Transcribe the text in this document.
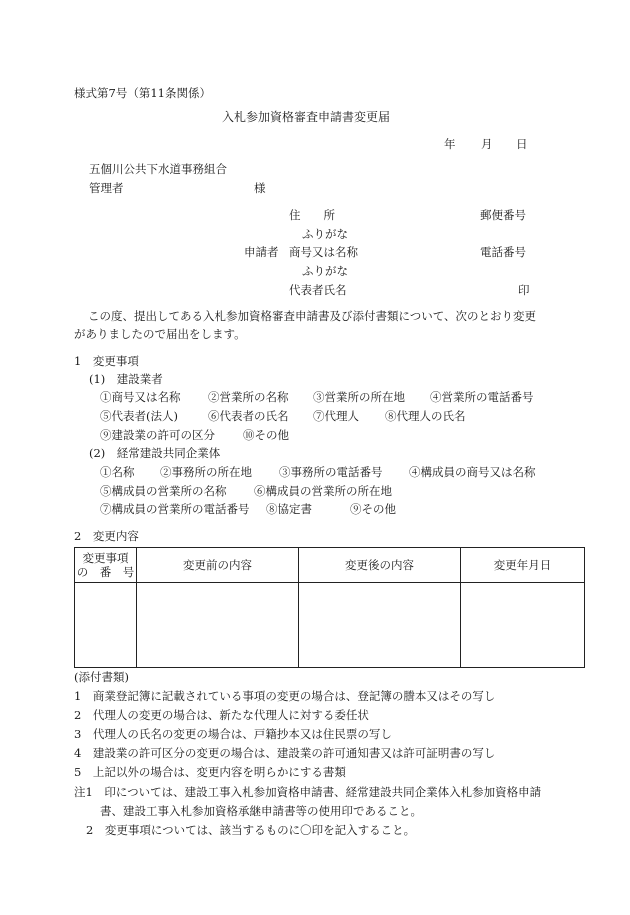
様式第7号（第11条関係）
入札参加資格審査申請書変更届
年 月 日
五個川公共下水道事務組合
管理者	様
住　　所	郵便番号
ふりがな
申請者 商号又は名称	電話番号
ふりがな
代表者氏名	印
この度、提出してある入札参加資格審査申請書及び添付書類について、次のとおり変更
がありましたので届出をします。
1　変更事項
(1)　建設業者
①商号又は名称 ②営業所の名称 ③営業所の所在地 ④営業所の電話番号
⑤代表者(法人)	⑥代表者の氏名 ⑦代理人 ⑧代理人の氏名
⑨建設業の許可の区分 ⑩その他
(2)　経常建設共同企業体
①名称 ②事務所の所在地 ③事務所の電話番号 ④構成員の商号又は名称
⑤構成員の営業所の名称 ⑥構成員の営業所の所在地
⑦構成員の営業所の電話番号 ⑧協定書	⑨その他
2　変更内容
変更事項
の　番　号	変更前の内容	変更後の内容	変更年月日

(添付書類)
1　商業登記簿に記載されている事項の変更の場合は、登記簿の謄本又はその写し
2　代理人の変更の場合は、新たな代理人に対する委任状
3　代理人の氏名の変更の場合は、戸籍抄本又は住民票の写し
4　建設業の許可区分の変更の場合は、建設業の許可通知書又は許可証明書の写し
5　上記以外の場合は、変更内容を明らかにする書類
注1　印については、建設工事入札参加資格申請書、経常建設共同企業体入札参加資格申請
書、建設工事入札参加資格承継申請書等の使用印であること。
2　変更事項については、該当するものに〇印を記入すること。
